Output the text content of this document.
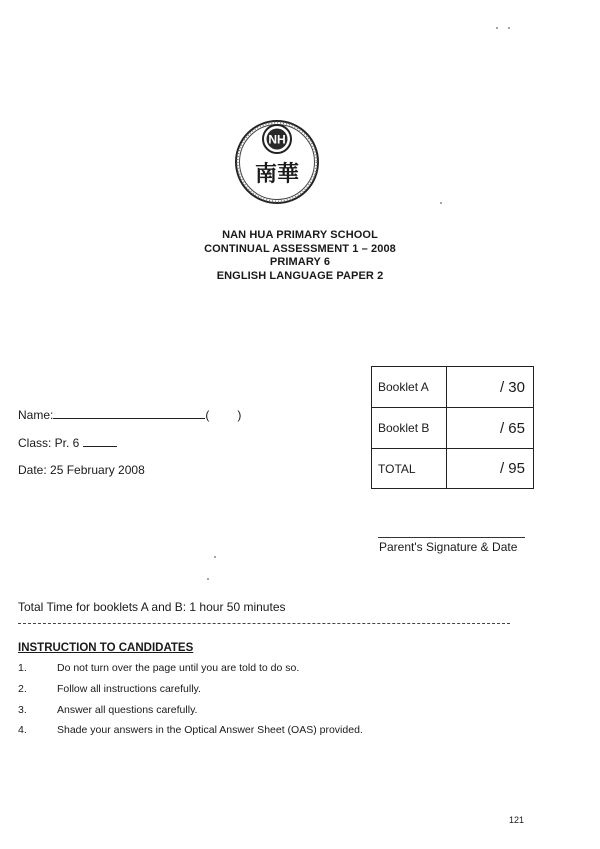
NH
南華
NAN HUA PRIMARY SCHOOL
CONTINUAL ASSESSMENT 1 – 2008
PRIMARY 6
ENGLISH LANGUAGE PAPER 2
Name:	( )
Class: Pr. 6
Date: 25 February 2008
Booklet A	/ 30
Booklet B	/ 65
TOTAL	/ 95
Parent's Signature & Date
Total Time for booklets A and B: 1 hour 50 minutes
INSTRUCTION TO CANDIDATES
1.	Do not turn over the page until you are told to do so.
2.	Follow all instructions carefully.
3.	Answer all questions carefully.
4.	Shade your answers in the Optical Answer Sheet (OAS) provided.
121
